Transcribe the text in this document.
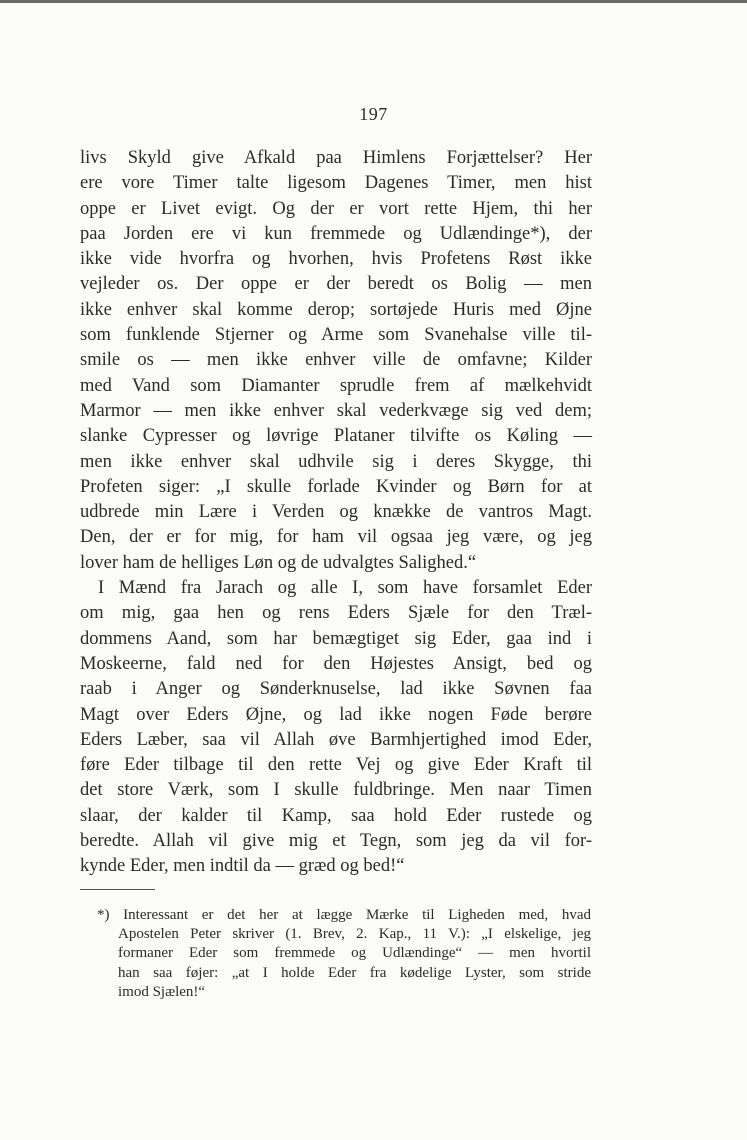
197
livs Skyld give Afkald paa Himlens Forjættelser? Her
ere vore Timer talte ligesom Dagenes Timer, men hist
oppe er Livet evigt. Og der er vort rette Hjem, thi her
paa Jorden ere vi kun fremmede og Udlændinge*), der
ikke vide hvorfra og hvorhen, hvis Profetens Røst ikke
vejleder os. Der oppe er der beredt os Bolig — men
ikke enhver skal komme derop; sortøjede Huris med Øjne
som funklende Stjerner og Arme som Svanehalse ville til-
smile os — men ikke enhver ville de omfavne; Kilder
med Vand som Diamanter sprudle frem af mælkehvidt
Marmor — men ikke enhver skal vederkvæge sig ved dem;
slanke Cypresser og løvrige Plataner tilvifte os Køling —
men ikke enhver skal udhvile sig i deres Skygge, thi
Profeten siger: „I skulle forlade Kvinder og Børn for at
udbrede min Lære i Verden og knække de vantros Magt.
Den, der er for mig, for ham vil ogsaa jeg være, og jeg
lover ham de helliges Løn og de udvalgtes Salighed.“
I Mænd fra Jarach og alle I, som have forsamlet Eder
om mig, gaa hen og rens Eders Sjæle for den Træl-
dommens Aand, som har bemægtiget sig Eder, gaa ind i
Moskeerne, fald ned for den Højestes Ansigt, bed og
raab i Anger og Sønderknuselse, lad ikke Søvnen faa
Magt over Eders Øjne, og lad ikke nogen Føde berøre
Eders Læber, saa vil Allah øve Barmhjertighed imod Eder,
føre Eder tilbage til den rette Vej og give Eder Kraft til
det store Værk, som I skulle fuldbringe. Men naar Timen
slaar, der kalder til Kamp, saa hold Eder rustede og
beredte. Allah vil give mig et Tegn, som jeg da vil for-
kynde Eder, men indtil da — græd og bed!“
*) Interessant er det her at lægge Mærke til Ligheden med, hvad
Apostelen Peter skriver (1. Brev, 2. Kap., 11 V.): „I elskelige, jeg
formaner Eder som fremmede og Udlændinge“ — men hvortil
han saa føjer: „at I holde Eder fra kødelige Lyster, som stride
imod Sjælen!“
